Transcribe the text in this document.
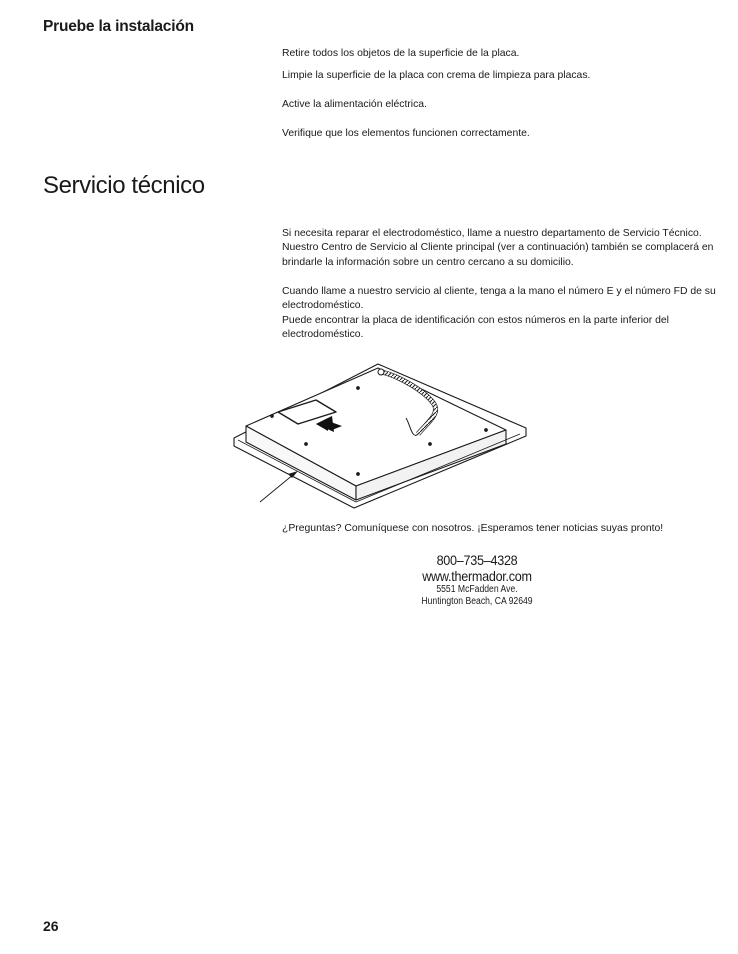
Pruebe la instalación
Retire todos los objetos de la superficie de la placa.
Limpie la superficie de la placa con crema de limpieza para placas.
Active la alimentación eléctrica.
Verifique que los elementos funcionen correctamente.
Servicio técnico
Si necesita reparar el electrodoméstico, llame a nuestro departamento de Servicio Técnico. Nuestro Centro de Servicio al Cliente principal (ver a continuación) también se complacerá en brindarle la información sobre un centro cercano a su domicilio.
Cuando llame a nuestro servicio al cliente, tenga a la mano el número E y el número FD de su electrodoméstico.
Puede encontrar la placa de identificación con estos números en la parte inferior del electrodoméstico.
¿Preguntas? Comuníquese con nosotros. ¡Esperamos tener noticias suyas pronto!
800–735–4328
www.thermador.com
5551 McFadden Ave.
Huntington Beach, CA 92649
26
